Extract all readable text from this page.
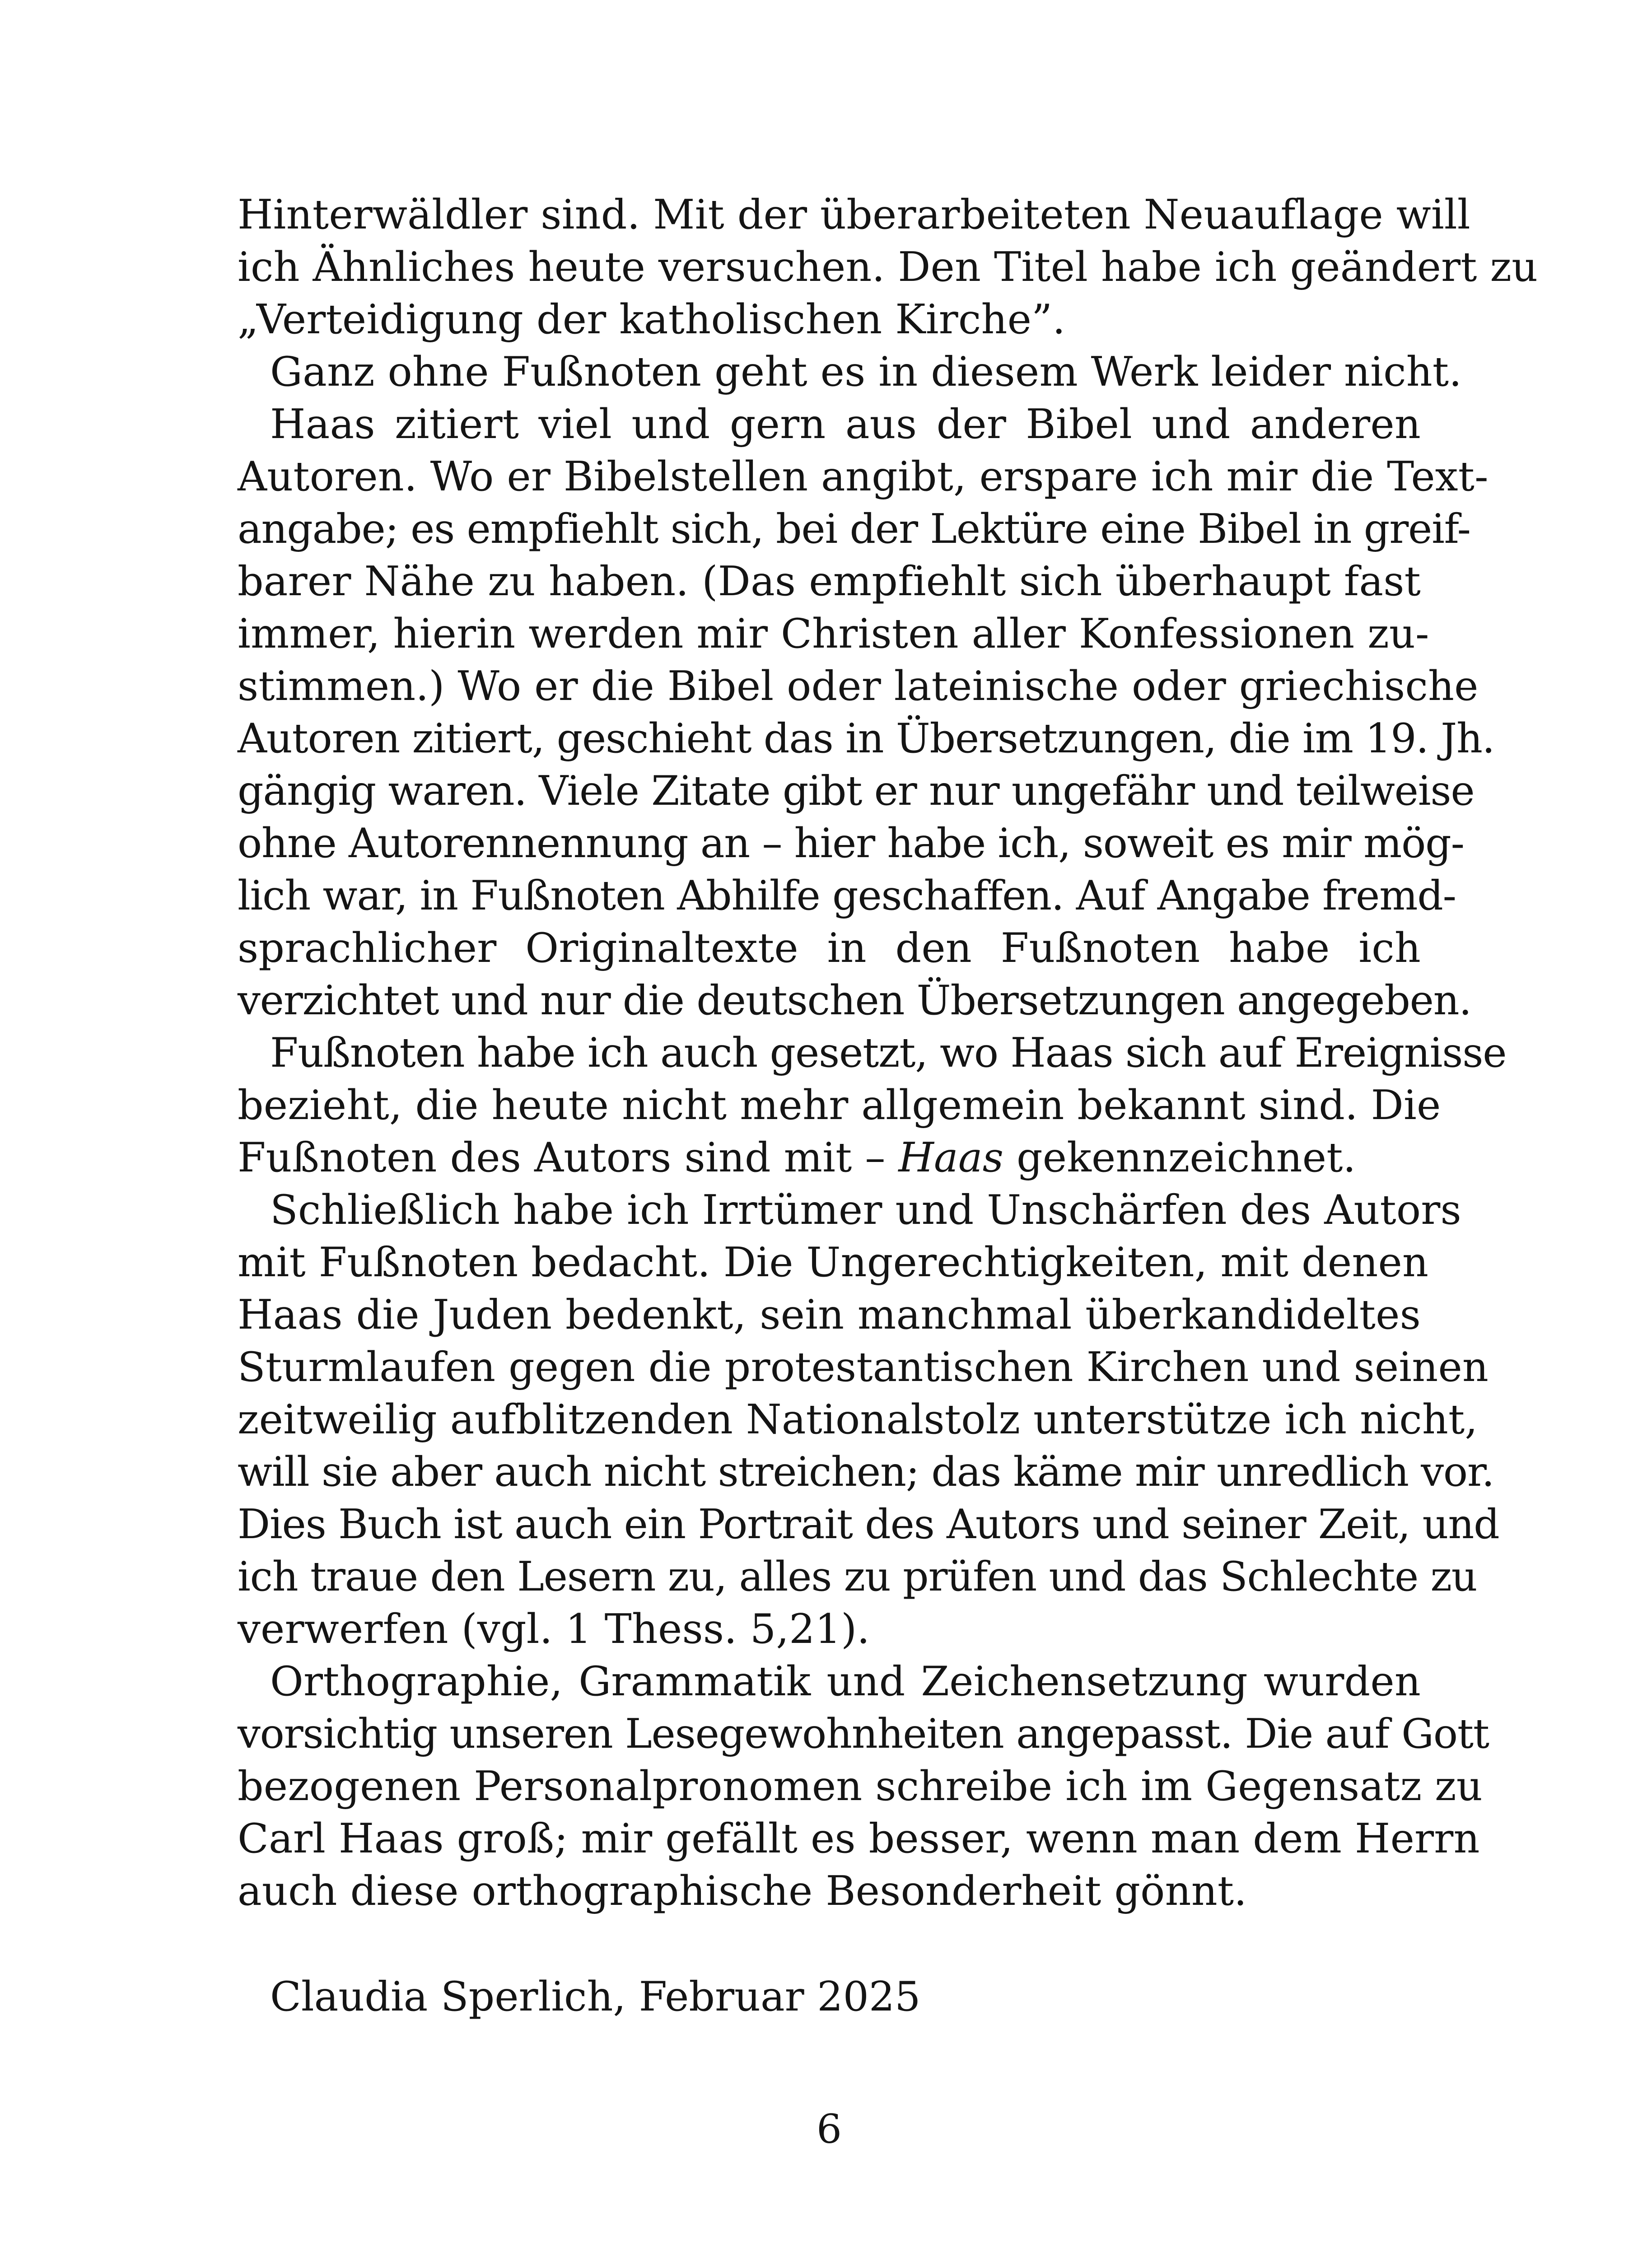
Hinterwäldler sind. Mit der überarbeiteten Neuauflage will
ich Ähnliches heute versuchen. Den Titel habe ich geändert zu
„Verteidigung der katholischen Kirche”.
Ganz ohne Fußnoten geht es in diesem Werk leider nicht.
Haas zitiert viel und gern aus der Bibel und anderen
Autoren. Wo er Bibelstellen angibt, erspare ich mir die Text-
angabe; es empfiehlt sich, bei der Lektüre eine Bibel in greif-
barer Nähe zu haben. (Das empfiehlt sich überhaupt fast
immer, hierin werden mir Christen aller Konfessionen zu-
stimmen.) Wo er die Bibel oder lateinische oder griechische
Autoren zitiert, geschieht das in Übersetzungen, die im 19. Jh.
gängig waren. Viele Zitate gibt er nur ungefähr und teilweise
ohne Autorennennung an – hier habe ich, soweit es mir mög-
lich war, in Fußnoten Abhilfe geschaffen. Auf Angabe fremd-
sprachlicher Originaltexte in den Fußnoten habe ich
verzichtet und nur die deutschen Übersetzungen angegeben.
Fußnoten habe ich auch gesetzt, wo Haas sich auf Ereignisse
bezieht, die heute nicht mehr allgemein bekannt sind. Die
Fußnoten des Autors sind mit – Haas gekennzeichnet.
Schließlich habe ich Irrtümer und Unschärfen des Autors
mit Fußnoten bedacht. Die Ungerechtigkeiten, mit denen
Haas die Juden bedenkt, sein manchmal überkandideltes
Sturmlaufen gegen die protestantischen Kirchen und seinen
zeitweilig aufblitzenden Nationalstolz unterstütze ich nicht,
will sie aber auch nicht streichen; das käme mir unredlich vor.
Dies Buch ist auch ein Portrait des Autors und seiner Zeit, und
ich traue den Lesern zu, alles zu prüfen und das Schlechte zu
verwerfen (vgl. 1 Thess. 5,21).
Orthographie, Grammatik und Zeichensetzung wurden
vorsichtig unseren Lesegewohnheiten angepasst. Die auf Gott
bezogenen Personalpronomen schreibe ich im Gegensatz zu
Carl Haas groß; mir gefällt es besser, wenn man dem Herrn
auch diese orthographische Besonderheit gönnt.
Claudia Sperlich, Februar 2025
6
